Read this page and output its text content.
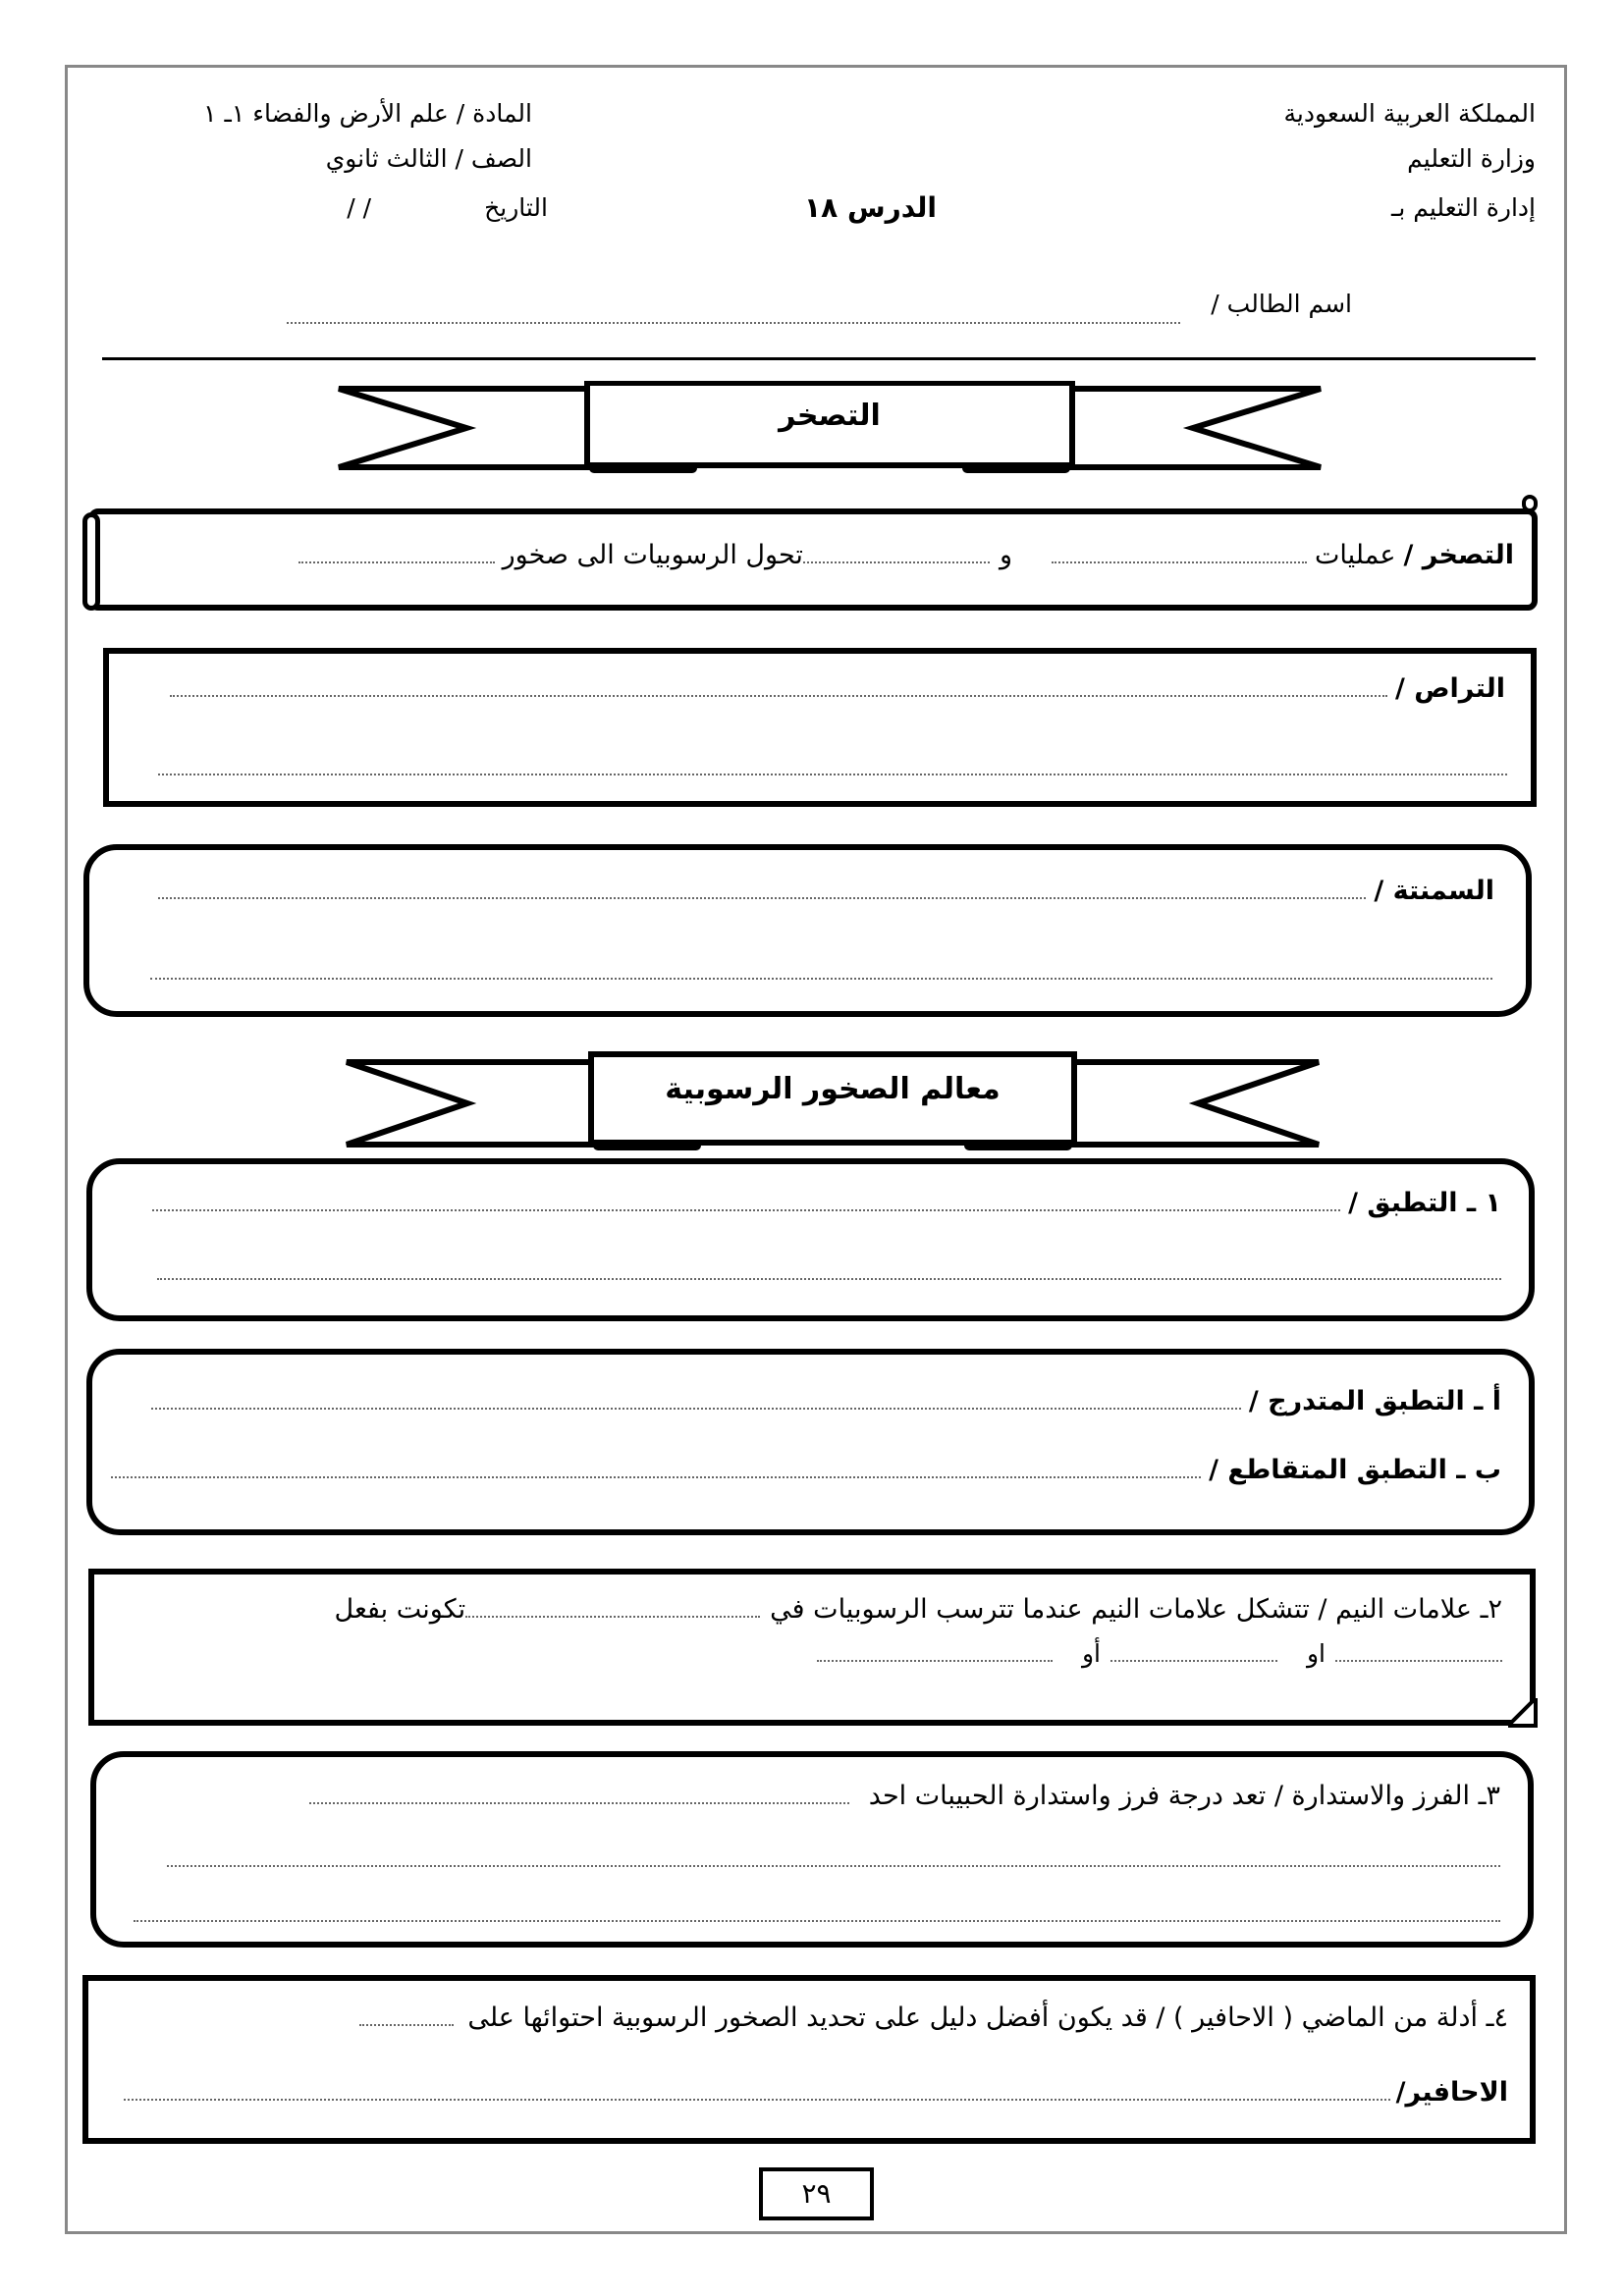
المملكة العربية السعودية
وزارة التعليم
إدارة التعليم بـ
المادة / علم الأرض والفضاء ١ـ ١
الصف / الثالث ثانوي
التاريخ
/ /	الدرس ١٨
اسم الطالب /
التصخر
التصخر /
عمليات
و
تحول الرسوبيات الى صخور
التراص /
السمنتة /
معالم الصخور الرسوبية
١ ـ التطبق /
أ ـ التطبق المتدرج /
ب ـ التطبق المتقاطع /
٢ـ علامات النيم / تتشكل علامات النيم عندما تترسب الرسوبيات في
تكونت بفعل
او
أو
٣ـ الفرز والاستدارة / تعد درجة فرز واستدارة الحبيبات احد
٤ـ أدلة من الماضي ( الاحافير ) / قد يكون أفضل دليل على تحديد الصخور الرسوبية احتوائها على
الاحافير/
٢٩
